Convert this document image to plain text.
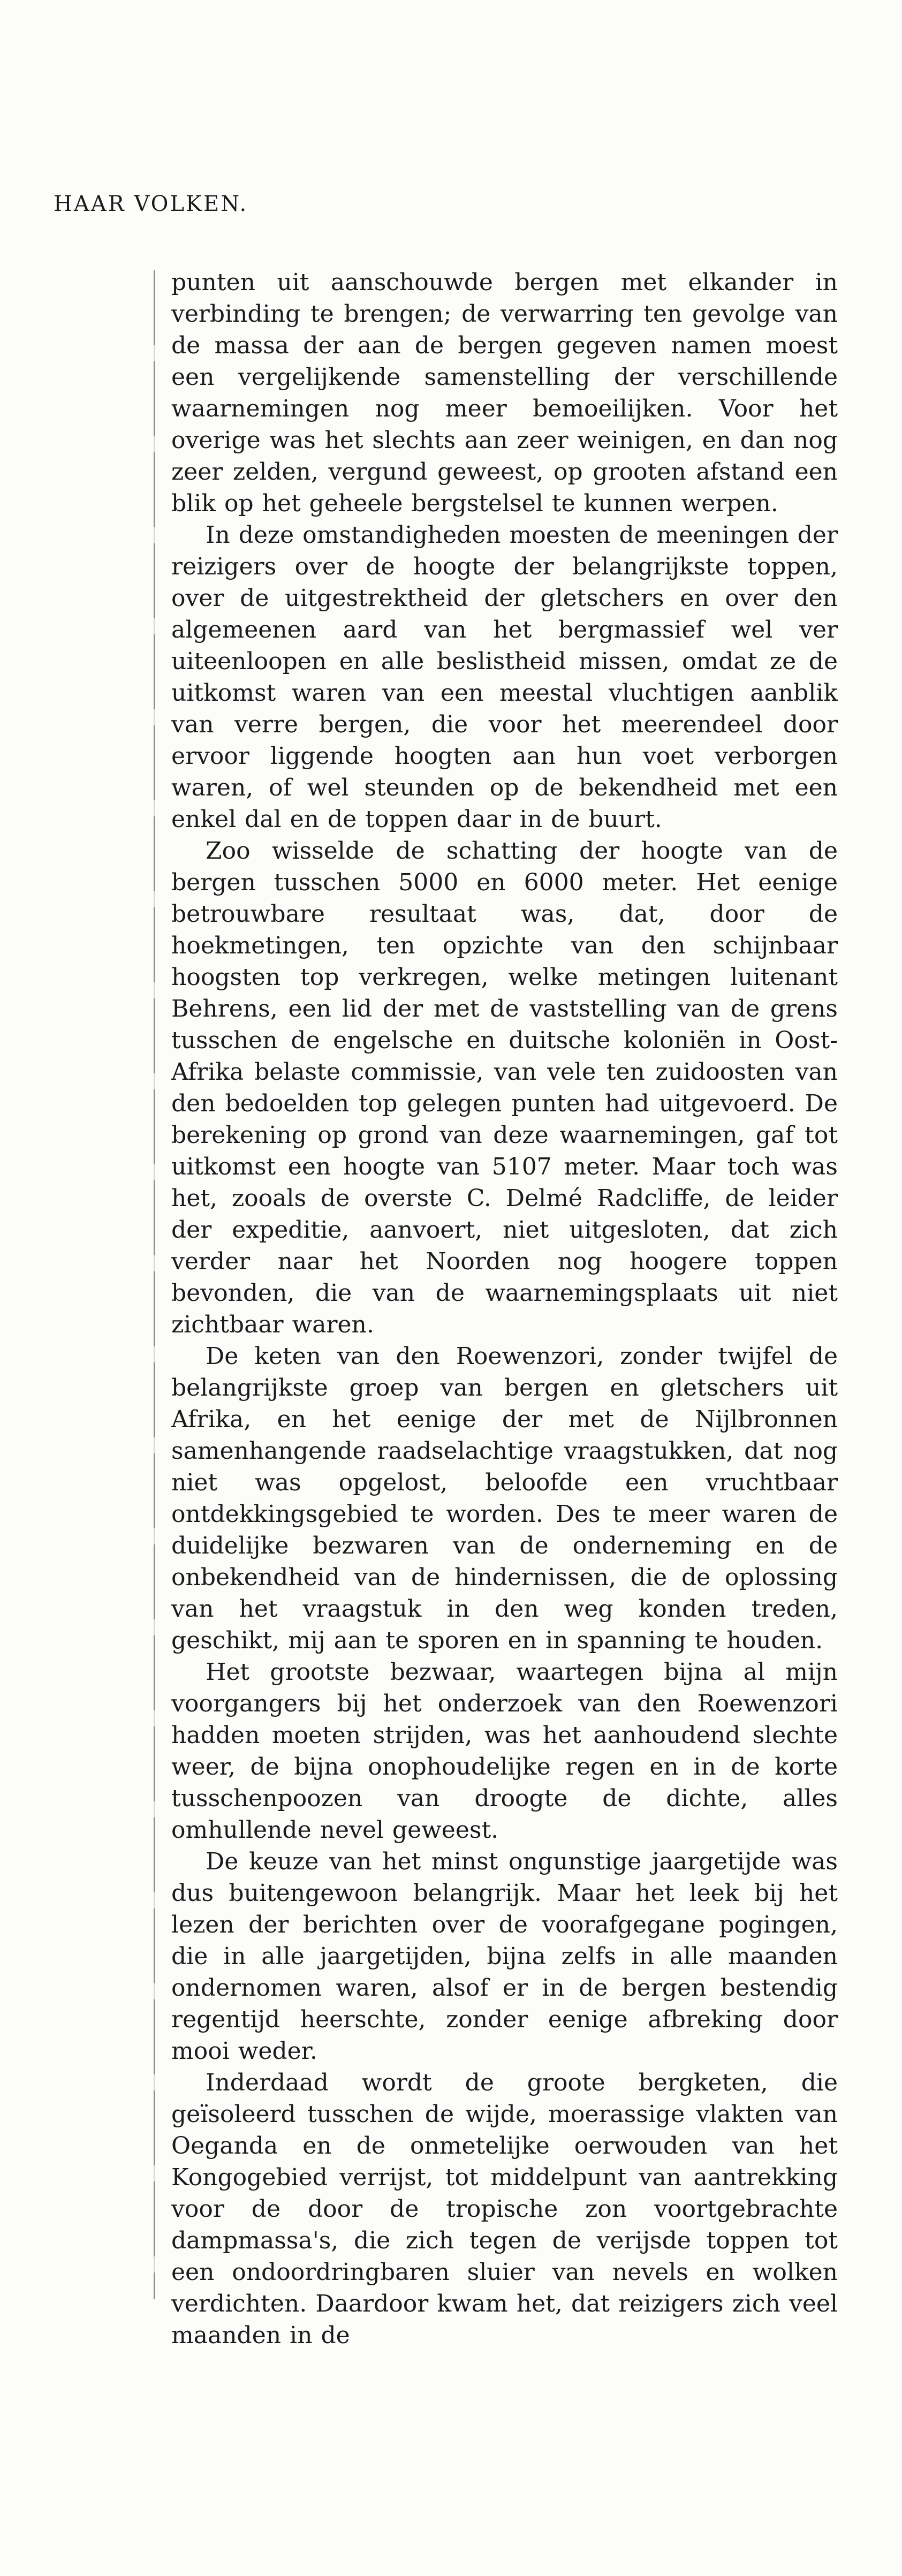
HAAR VOLKEN.

punten uit aanschouwde bergen met elkander in verbinding te brengen; de verwarring ten gevolge van de massa der aan de bergen gegeven namen moest een vergelijkende samenstelling der verschillende waarnemingen nog meer bemoeilijken. Voor het overige was het slechts aan zeer weinigen, en dan nog zeer zelden, vergund geweest, op grooten afstand een blik op het geheele bergstelsel te kunnen werpen.

In deze omstandigheden moesten de meeningen der reizigers over de hoogte der belangrijkste toppen, over de uitgestrektheid der gletschers en over den algemeenen aard van het bergmassief wel ver uiteenloopen en alle beslistheid missen, omdat ze de uitkomst waren van een meestal vluchtigen aanblik van verre bergen, die voor het meerendeel door ervoor liggende hoogten aan hun voet verborgen waren, of wel steunden op de bekendheid met een enkel dal en de toppen daar in de buurt.

Zoo wisselde de schatting der hoogte van de bergen tusschen 5000 en 6000 meter. Het eenige betrouwbare resultaat was, dat, door de hoekmetingen, ten opzichte van den schijnbaar hoogsten top verkregen, welke metingen luitenant Behrens, een lid der met de vaststelling van de grens tusschen de engelsche en duitsche koloniën in Oost-Afrika belaste commissie, van vele ten zuidoosten van den bedoelden top gelegen punten had uitgevoerd. De berekening op grond van deze waarnemingen, gaf tot uitkomst een hoogte van 5107 meter. Maar toch was het, zooals de overste C. Delmé Radcliffe, de leider der expeditie, aanvoert, niet uitgesloten, dat zich verder naar het Noorden nog hoogere toppen bevonden, die van de waarnemingsplaats uit niet zichtbaar waren.

De keten van den Roewenzori, zonder twijfel de belangrijkste groep van bergen en gletschers uit Afrika, en het eenige der met de Nijlbronnen samenhangende raadselachtige vraagstukken, dat nog niet was opgelost, beloofde een vruchtbaar ontdekkingsgebied te worden. Des te meer waren de duidelijke bezwaren van de onderneming en de onbekendheid van de hindernissen, die de oplossing van het vraagstuk in den weg konden treden, geschikt, mij aan te sporen en in spanning te houden.

Het grootste bezwaar, waartegen bijna al mijn voorgangers bij het onderzoek van den Roewenzori hadden moeten strijden, was het aanhoudend slechte weer, de bijna onophoudelijke regen en in de korte tusschenpoozen van droogte de dichte, alles omhullende nevel geweest.

De keuze van het minst ongunstige jaargetijde was dus buitengewoon belangrijk. Maar het leek bij het lezen der berichten over de voorafgegane pogingen, die in alle jaargetijden, bijna zelfs in alle maanden ondernomen waren, alsof er in de bergen bestendig regentijd heerschte, zonder eenige afbreking door mooi weder.

Inderdaad wordt de groote bergketen, die geïsoleerd tusschen de wijde, moerassige vlakten van Oeganda en de onmetelijke oerwouden van het Kongogebied verrijst, tot middelpunt van aantrekking voor de door de tropische zon voortgebrachte dampmassa's, die zich tegen de verijsde toppen tot een ondoordringbaren sluier van nevels en wolken verdichten. Daardoor kwam het, dat reizigers zich veel maanden in de
